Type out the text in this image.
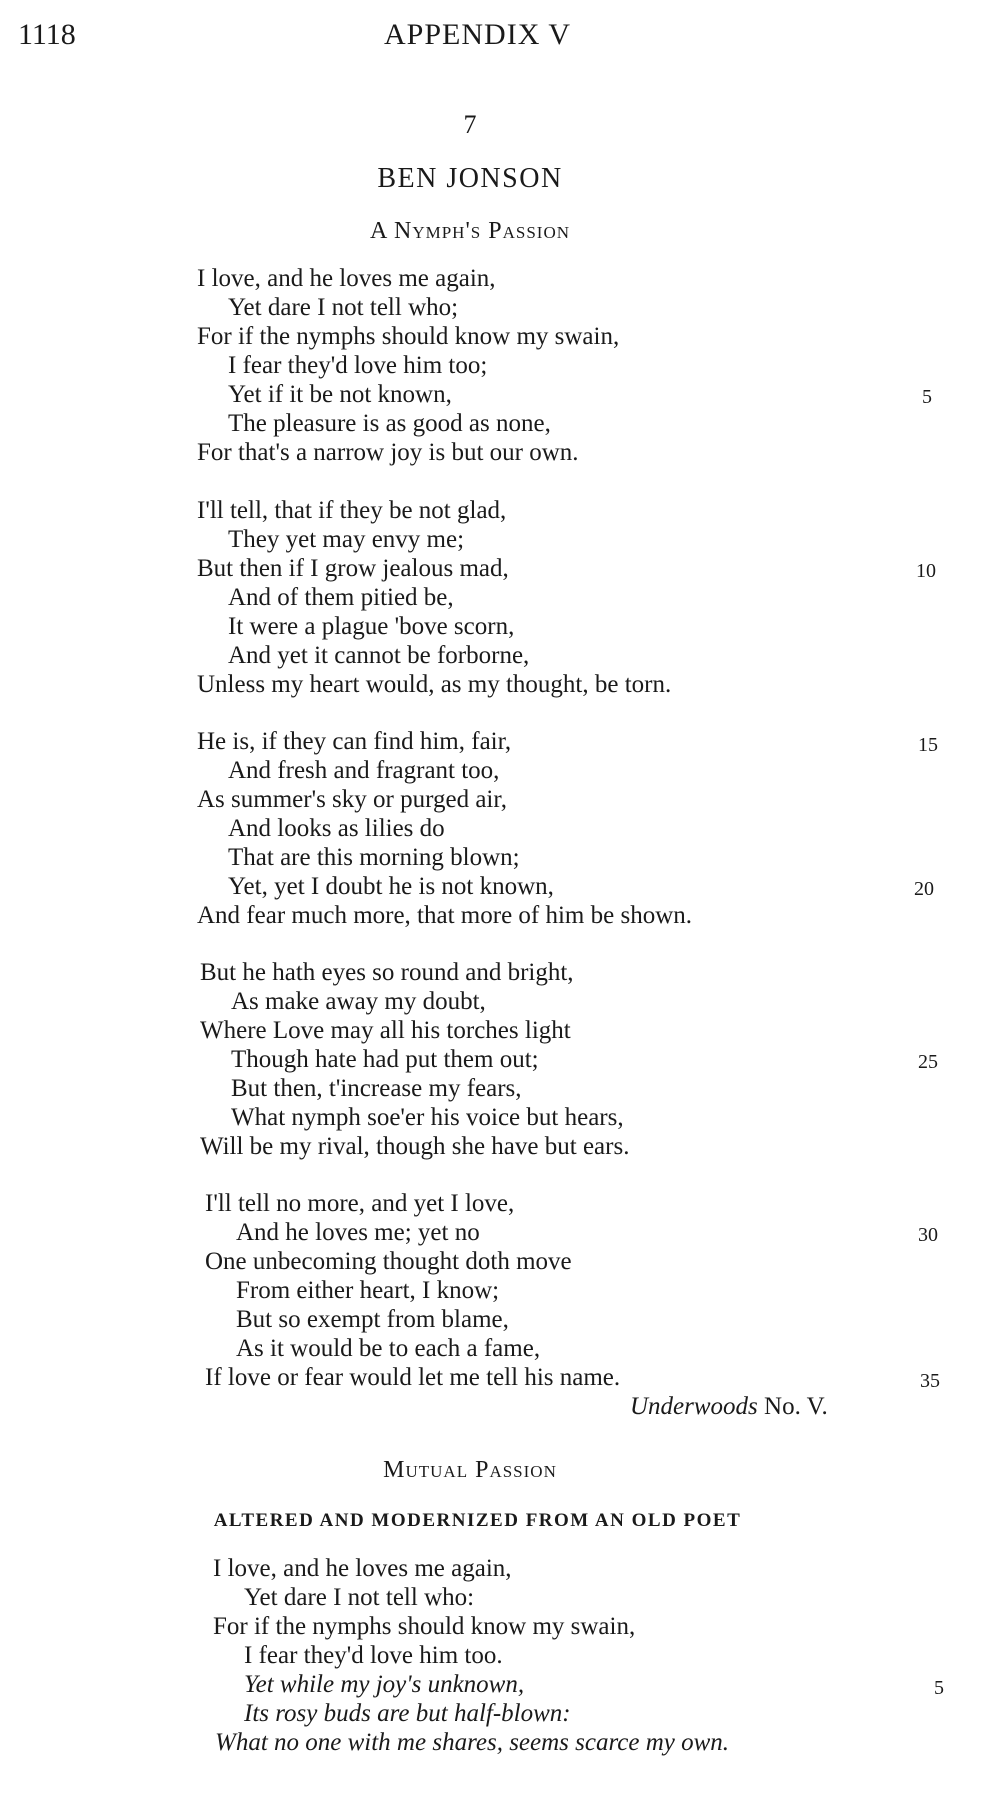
1118	APPENDIX V
7
BEN JONSON
A Nymph's Passion
I love, and he loves me again,
Yet dare I not tell who;
For if the nymphs should know my swain,
I fear they'd love him too;
Yet if it be not known,
The pleasure is as good as none,
For that's a narrow joy is but our own.
I'll tell, that if they be not glad,
They yet may envy me;
But then if I grow jealous mad,
And of them pitied be,
It were a plague 'bove scorn,
And yet it cannot be forborne,
Unless my heart would, as my thought, be torn.
He is, if they can find him, fair,
And fresh and fragrant too,
As summer's sky or purged air,
And looks as lilies do
That are this morning blown;
Yet, yet I doubt he is not known,
And fear much more, that more of him be shown.
But he hath eyes so round and bright,
As make away my doubt,
Where Love may all his torches light
Though hate had put them out;
But then, t'increase my fears,
What nymph soe'er his voice but hears,
Will be my rival, though she have but ears.
I'll tell no more, and yet I love,
And he loves me; yet no
One unbecoming thought doth move
From either heart, I know;
But so exempt from blame,
As it would be to each a fame,
If love or fear would let me tell his name.
5
10
15
20
25
30
35
Underwoods No. V.
Mutual Passion
ALTERED AND MODERNIZED FROM AN OLD POET
I love, and he loves me again,
Yet dare I not tell who:
For if the nymphs should know my swain,
I fear they'd love him too.
Yet while my joy's unknown,
Its rosy buds are but half-blown:
What no one with me shares, seems scarce my own.
5
